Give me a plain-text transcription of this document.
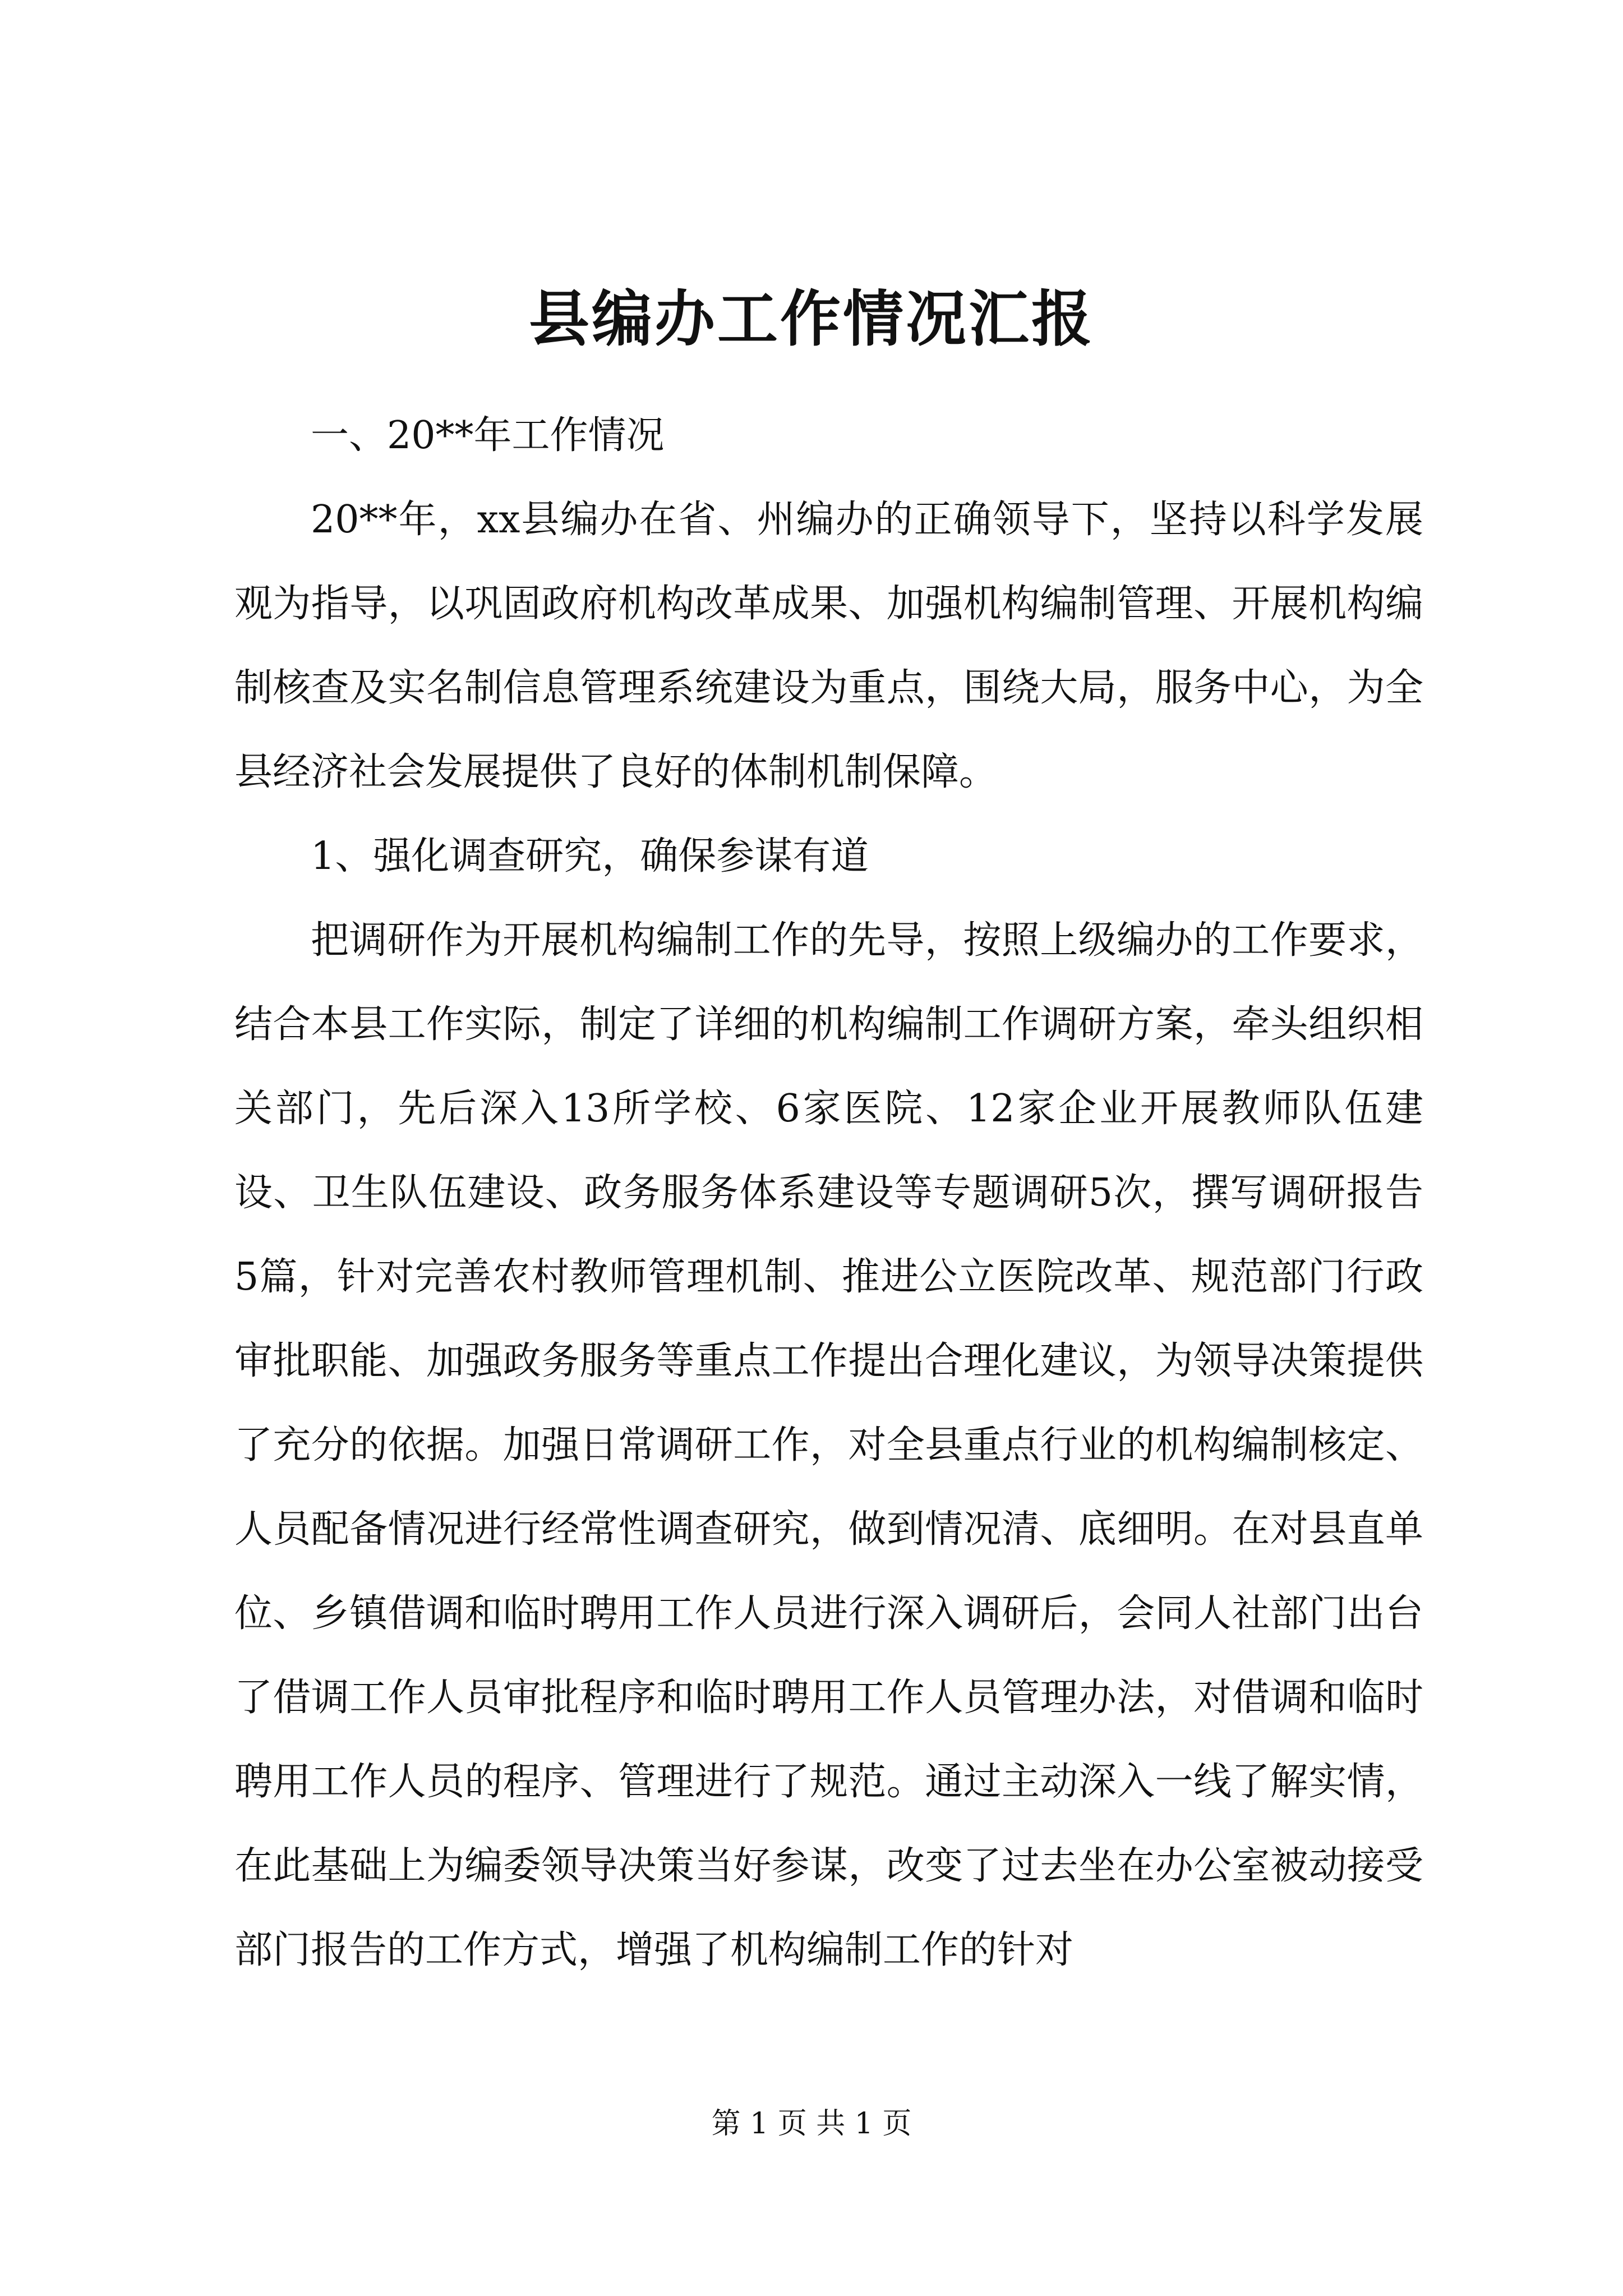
县编办工作情况汇报

一、20**年工作情况

20**年，xx县编办在省、州编办的正确领导下，坚持以科学发展观为指导，以巩固政府机构改革成果、加强机构编制管理、开展机构编制核查及实名制信息管理系统建设为重点，围绕大局，服务中心，为全县经济社会发展提供了良好的体制机制保障。

1、强化调查研究，确保参谋有道

把调研作为开展机构编制工作的先导，按照上级编办的工作要求，结合本县工作实际，制定了详细的机构编制工作调研方案，牵头组织相关部门，先后深入13所学校、6家医院、12家企业开展教师队伍建设、卫生队伍建设、政务服务体系建设等专题调研5次，撰写调研报告5篇，针对完善农村教师管理机制、推进公立医院改革、规范部门行政审批职能、加强政务服务等重点工作提出合理化建议，为领导决策提供了充分的依据。加强日常调研工作，对全县重点行业的机构编制核定、人员配备情况进行经常性调查研究，做到情况清、底细明。在对县直单位、乡镇借调和临时聘用工作人员进行深入调研后，会同人社部门出台了借调工作人员审批程序和临时聘用工作人员管理办法，对借调和临时聘用工作人员的程序、管理进行了规范。通过主动深入一线了解实情，在此基础上为编委领导决策当好参谋，改变了过去坐在办公室被动接受部门报告的工作方式，增强了机构编制工作的针对

第 1 页 共 1 页
